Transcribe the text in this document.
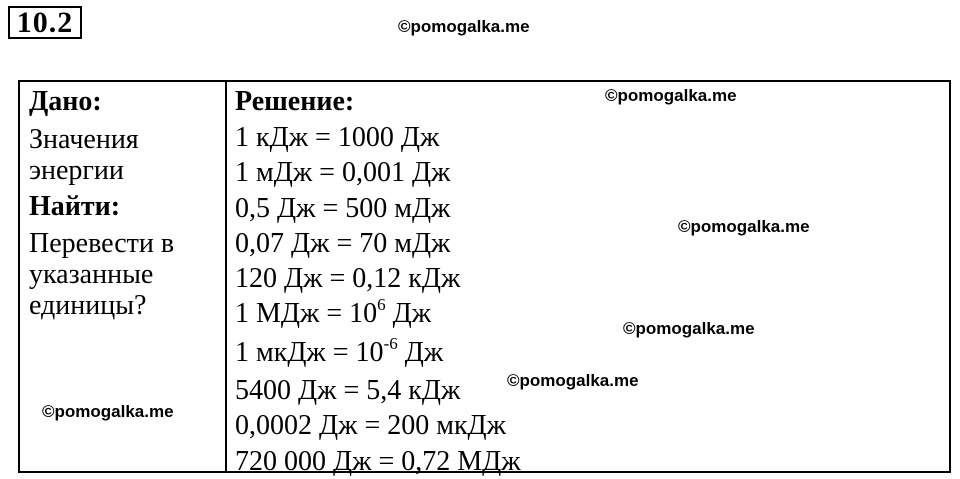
10.2	©pomogalka.me
Дано:
Значения
энергии
Найти:
Перевести в
указанные
единицы?
Решение:
1 кДж = 1000 Дж
1 мДж = 0,001 Дж
0,5 Дж = 500 мДж
0,07 Дж = 70 мДж
120 Дж = 0,12 кДж
1 МДж = $10^6$ Дж
1 мкДж = $10^{-6}$ Дж
5400 Дж = 5,4 кДж
0,0002 Дж = 200 мкДж
720 000 Дж = 0,72 МДж
©pomogalka.me
©pomogalka.me
©pomogalka.me
©pomogalka.me
©pomogalka.me
